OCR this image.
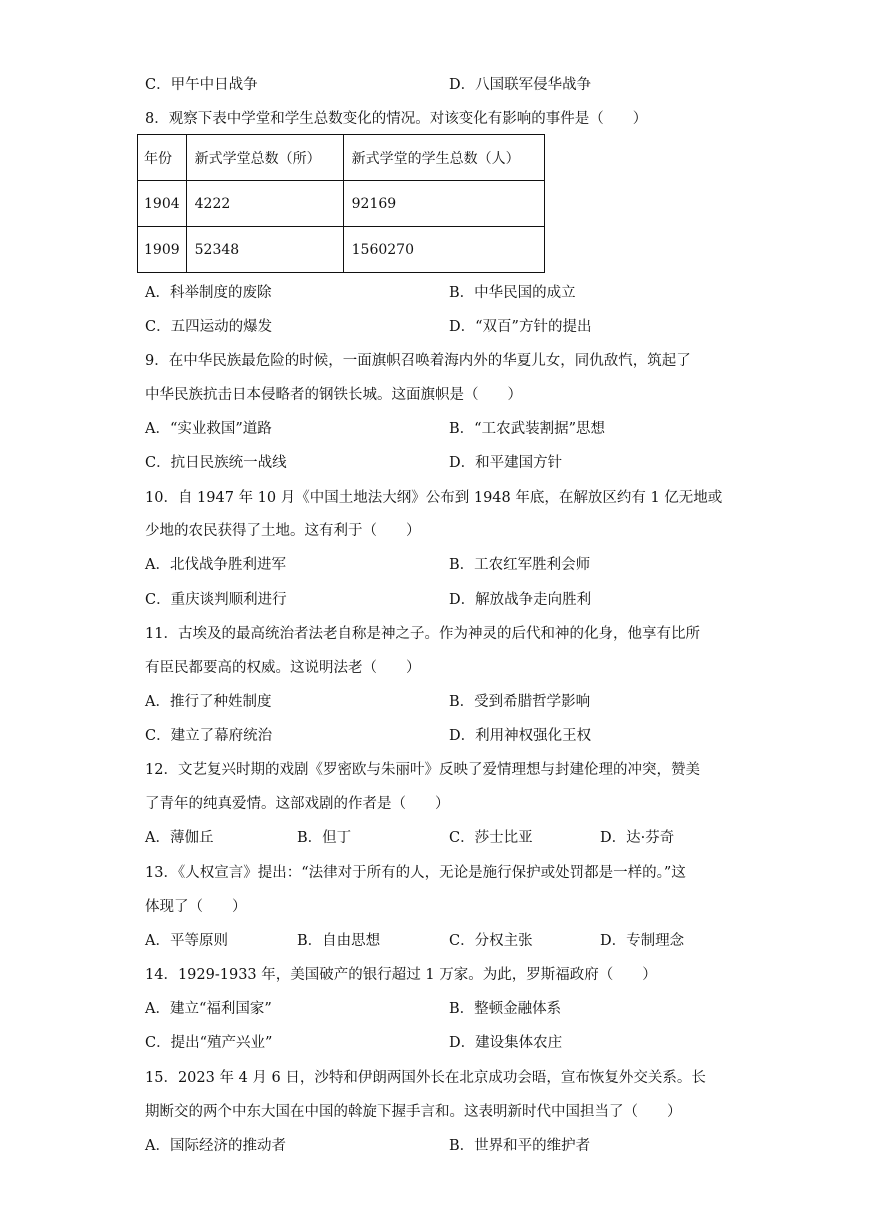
C．甲午中日战争	D．八国联军侵华战争
8．观察下表中学堂和学生总数变化的情况。对该变化有影响的事件是（　　）
年份	新式学堂总数（所）	新式学堂的学生总数（人）
1904	4222	92169
1909	52348	1560270
A．科举制度的废除	B．中华民国的成立
C．五四运动的爆发	D．“双百”方针的提出
9．在中华民族最危险的时候，一面旗帜召唤着海内外的华夏儿女，同仇敌忾，筑起了
中华民族抗击日本侵略者的钢铁长城。这面旗帜是（　　）
A．“实业救国”道路	B．“工农武装割据”思想
C．抗日民族统一战线	D．和平建国方针
10．自 1947 年 10 月《中国土地法大纲》公布到 1948 年底，在解放区约有 1 亿无地或
少地的农民获得了土地。这有利于（　　）
A．北伐战争胜利进军	B．工农红军胜利会师
C．重庆谈判顺利进行	D．解放战争走向胜利
11．古埃及的最高统治者法老自称是神之子。作为神灵的后代和神的化身，他享有比所
有臣民都要高的权威。这说明法老（　　）
A．推行了种姓制度	B．受到希腊哲学影响
C．建立了幕府统治	D．利用神权强化王权
12．文艺复兴时期的戏剧《罗密欧与朱丽叶》反映了爱情理想与封建伦理的冲突，赞美
了青年的纯真爱情。这部戏剧的作者是（　　）
A．薄伽丘	B．但丁	C．莎士比亚	D．达·芬奇
13．《人权宣言》提出：“法律对于所有的人，无论是施行保护或处罚都是一样的。”这
体现了（　　）
A．平等原则	B．自由思想	C．分权主张	D．专制理念
14．1929-1933 年，美国破产的银行超过 1 万家。为此，罗斯福政府（　　）
A．建立“福利国家”	B．整顿金融体系
C．提出“殖产兴业”	D．建设集体农庄
15．2023 年 4 月 6 日，沙特和伊朗两国外长在北京成功会晤，宣布恢复外交关系。长
期断交的两个中东大国在中国的斡旋下握手言和。这表明新时代中国担当了（　　）
A．国际经济的推动者	B．世界和平的维护者
